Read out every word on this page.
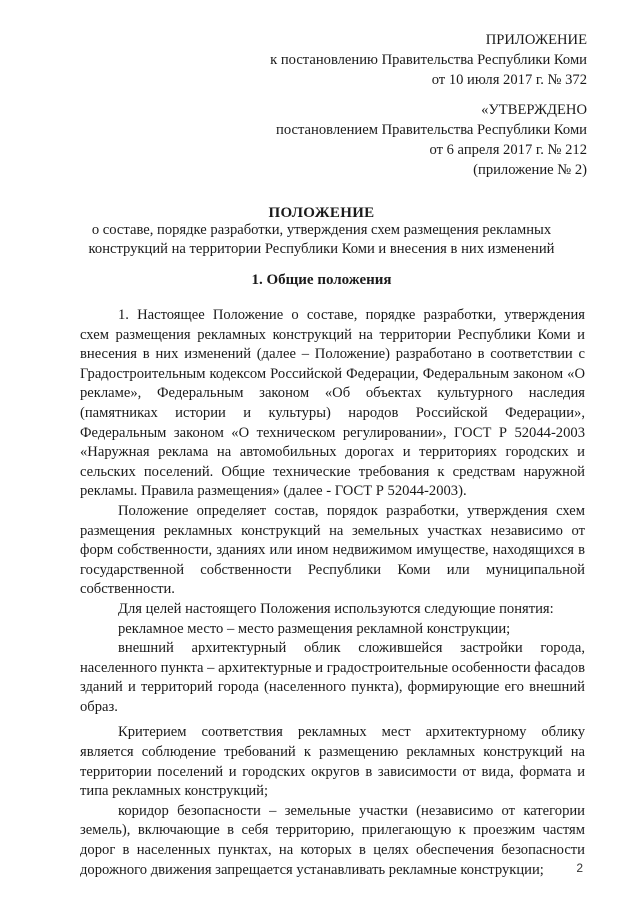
ПРИЛОЖЕНИЕ
к постановлению Правительства Республики Коми
от 10 июля 2017 г. № 372
«УТВЕРЖДЕНО
постановлением Правительства Республики Коми
от 6 апреля 2017 г. № 212
(приложение № 2)
ПОЛОЖЕНИЕ
о составе, порядке разработки, утверждения схем размещения рекламных
конструкций на территории Республики Коми и внесения в них изменений
1. Общие положения

1. Настоящее Положение о составе, порядке разработки, утверждения схем размещения рекламных конструкций на территории Республики Коми и внесения в них изменений (далее – Положение) разработано в соответствии с Градостроительным кодексом Российской Федерации, Федеральным законом «О рекламе», Федеральным законом «Об объектах культурного наследия (памятниках истории и культуры) народов Российской Федерации», Федеральным законом «О техническом регулировании», ГОСТ Р 52044-2003 «Наружная реклама на автомобильных дорогах и территориях городских и сельских поселений. Общие технические требования к средствам наружной рекламы. Правила размещения» (далее - ГОСТ Р 52044-2003).

Положение определяет состав, порядок разработки, утверждения схем размещения рекламных конструкций на земельных участках независимо от форм собственности, зданиях или ином недвижимом имуществе, находящихся в государственной собственности Республики Коми или муниципальной собственности.

Для целей настоящего Положения используются следующие понятия:

рекламное место – место размещения рекламной конструкции;

внешний архитектурный облик сложившейся застройки города, населенного пункта – архитектурные и градостроительные особенности фасадов зданий и территорий города (населенного пункта), формирующие его внешний образ.

Критерием соответствия рекламных мест архитектурному облику является соблюдение требований к размещению рекламных конструкций на территории поселений и городских округов в зависимости от вида, формата и типа рекламных конструкций;

коридор безопасности – земельные участки (независимо от категории земель), включающие в себя территорию, прилегающую к проезжим частям дорог в населенных пунктах, на которых в целях обеспечения безопасности дорожного движения запрещается устанавливать рекламные конструкции;	2
